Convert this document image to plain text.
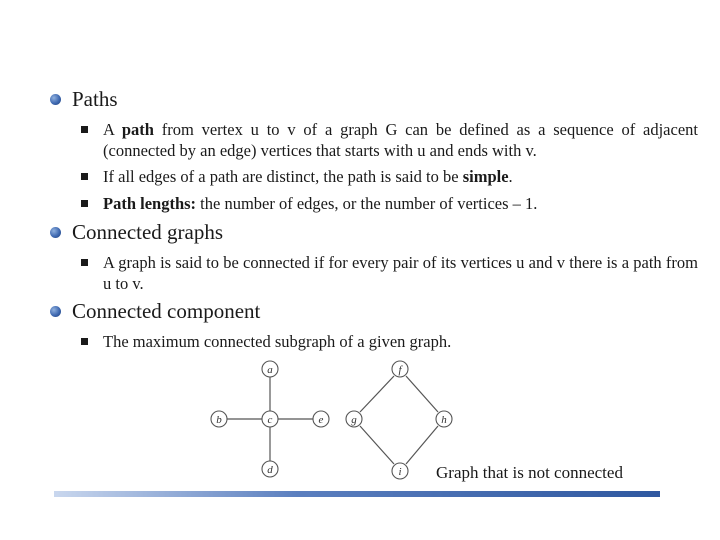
Paths
A path from vertex u to v of a graph G can be defined as a sequence of adjacent (connected by an edge) vertices that starts with u and ends with v.
If all edges of a path are distinct, the path is said to be simple.
Path lengths: the number of edges, or the number of vertices – 1.
Connected graphs
A graph is said to be connected if for every pair of its vertices u and v there is a path from u to v.
Connected component
The maximum connected subgraph of a given graph.
a
b	c
d
e
f
g	h
i Graph that is not connected
